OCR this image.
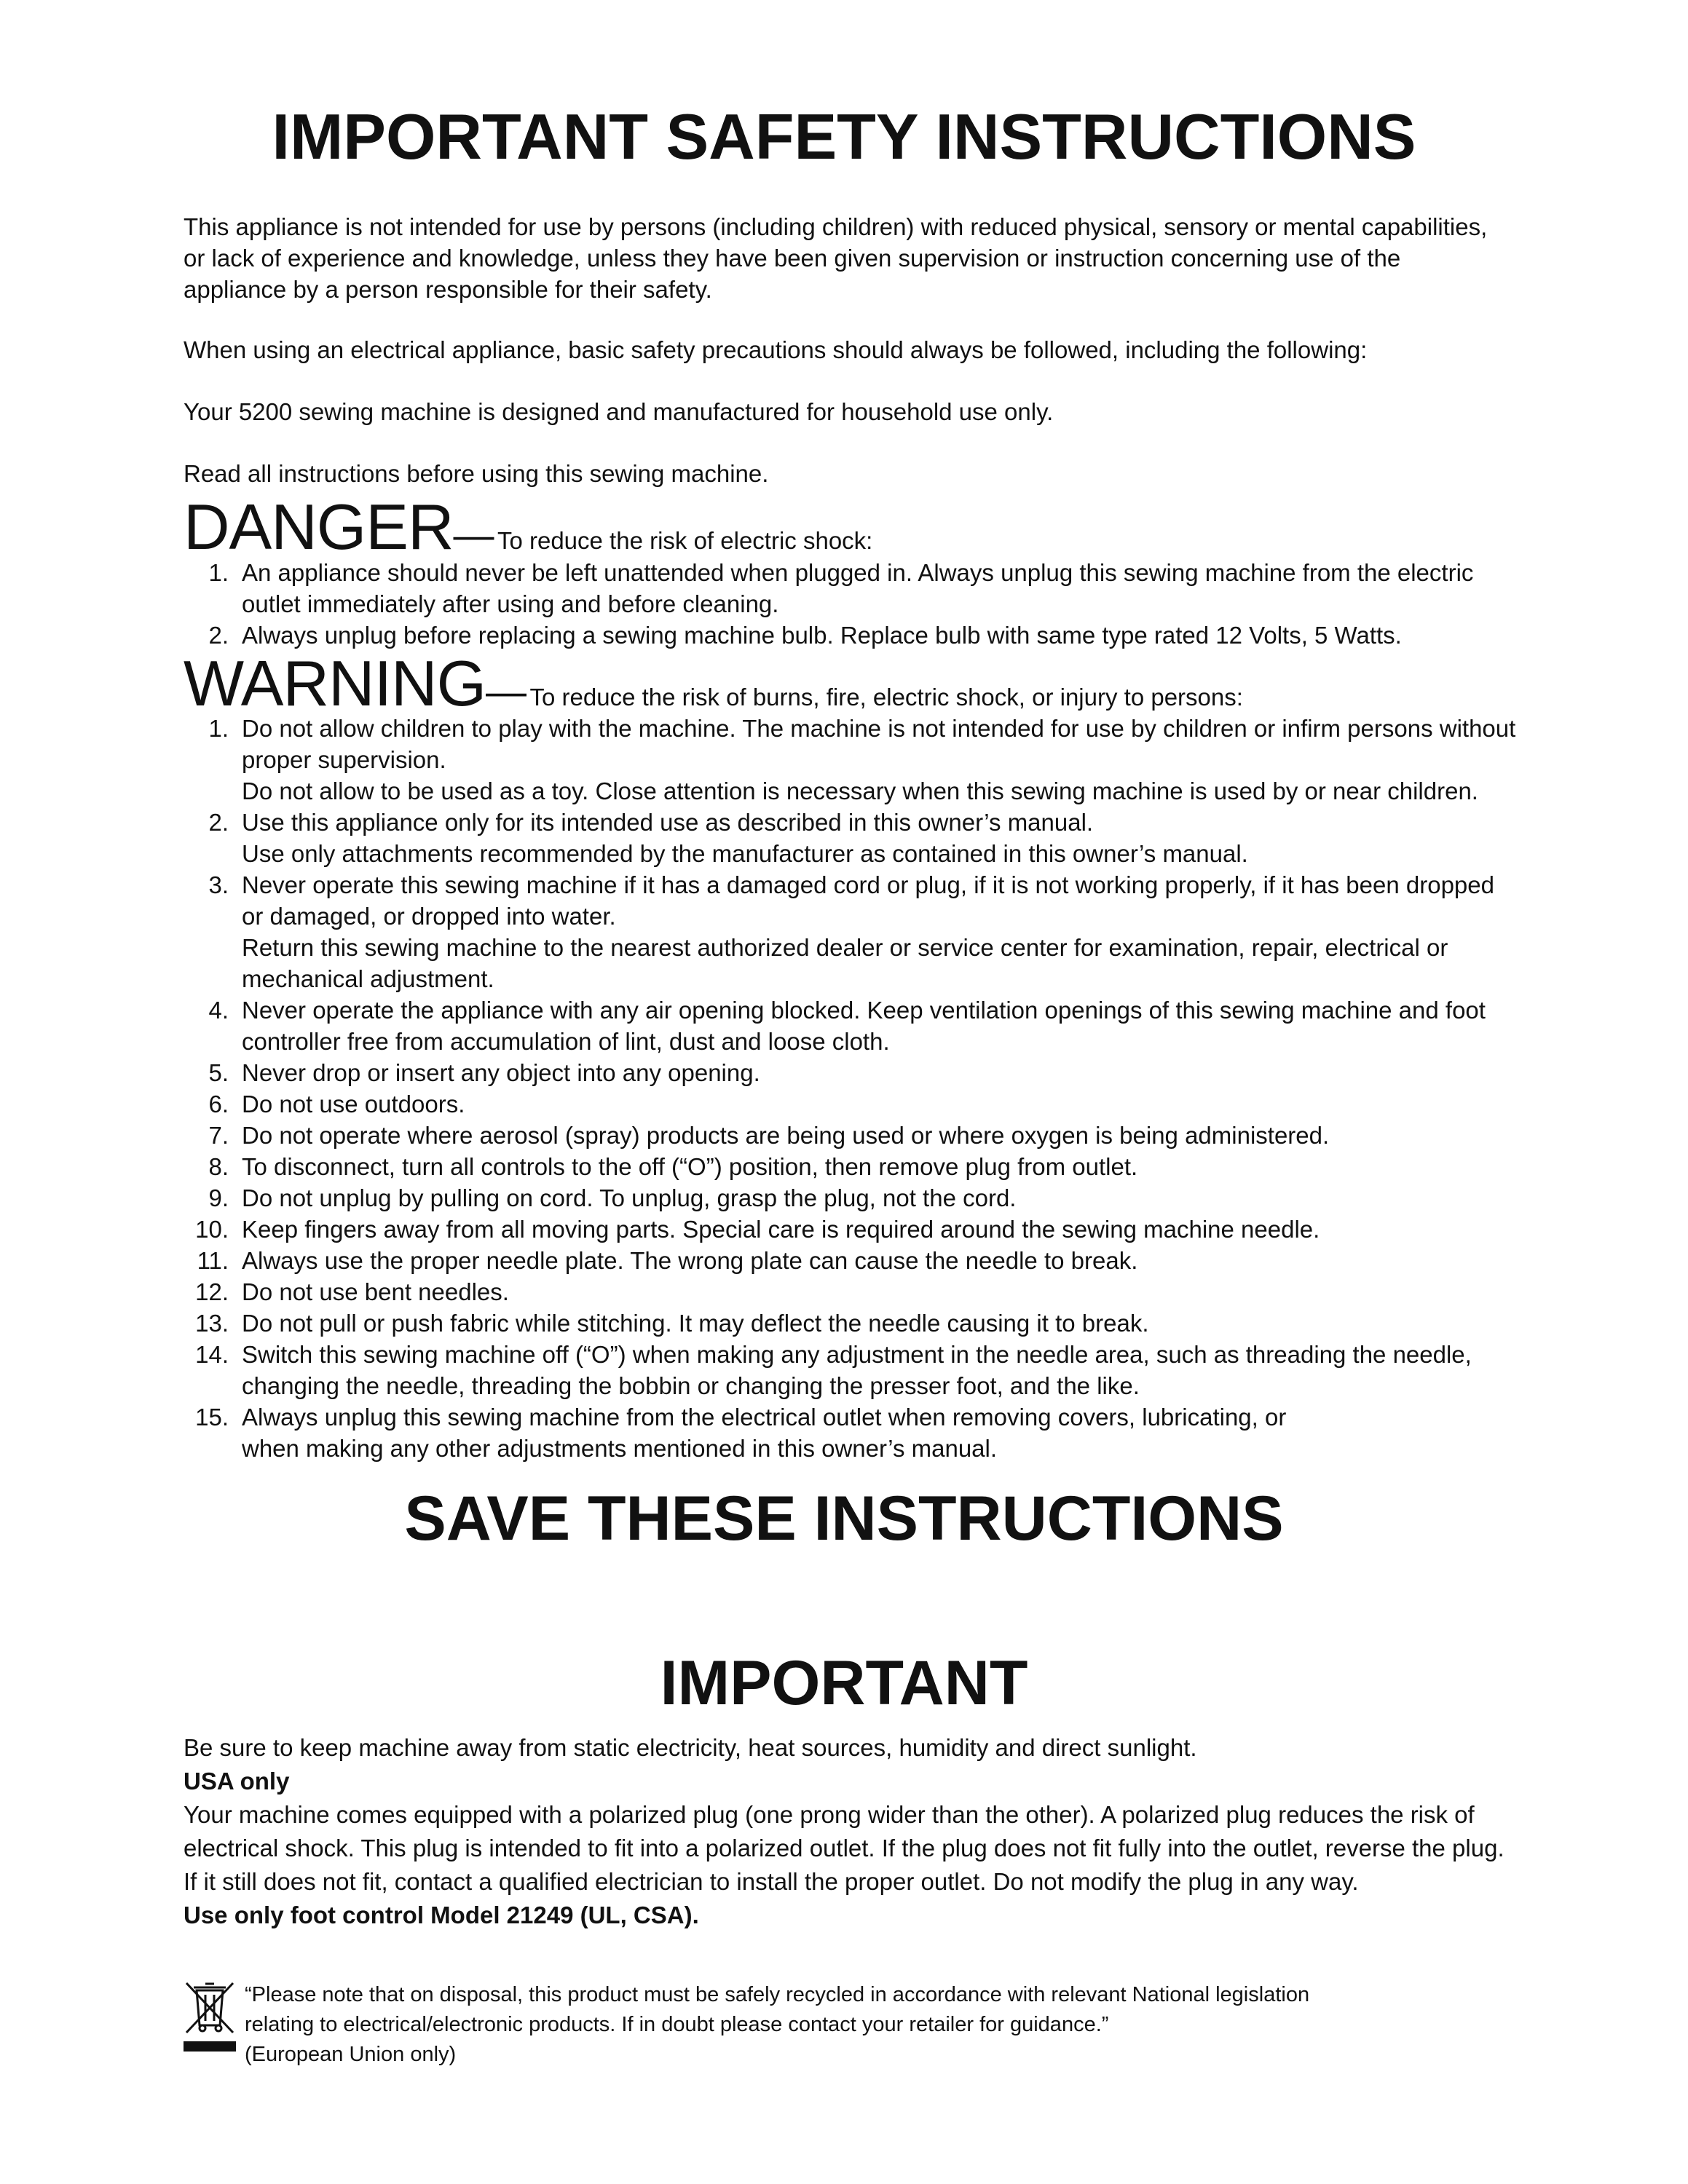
IMPORTANT SAFETY INSTRUCTIONS
This appliance is not intended for use by persons (including children) with reduced physical, sensory or mental capabilities, or lack of experience and knowledge, unless they have been given supervision or instruction concerning use of the appliance by a person responsible for their safety.
When using an electrical appliance, basic safety precautions should always be followed, including the following:
Your 5200 sewing machine is designed and manufactured for household use only.
Read all instructions before using this sewing machine.
DANGER— To reduce the risk of electric shock:
1. An appliance should never be left unattended when plugged in. Always unplug this sewing machine from the electric outlet immediately after using and before cleaning.
2. Always unplug before replacing a sewing machine bulb. Replace bulb with same type rated 12 Volts, 5 Watts.
WARNING— To reduce the risk of burns, fire, electric shock, or injury to persons:
1. Do not allow children to play with the machine. The machine is not intended for use by children or infirm persons without proper supervision.
Do not allow to be used as a toy. Close attention is necessary when this sewing machine is used by or near children.
2. Use this appliance only for its intended use as described in this owner’s manual.
Use only attachments recommended by the manufacturer as contained in this owner’s manual.
3. Never operate this sewing machine if it has a damaged cord or plug, if it is not working properly, if it has been dropped or damaged, or dropped into water.
Return this sewing machine to the nearest authorized dealer or service center for examination, repair, electrical or mechanical adjustment.
4. Never operate the appliance with any air opening blocked. Keep ventilation openings of this sewing machine and foot controller free from accumulation of lint, dust and loose cloth.
5. Never drop or insert any object into any opening.
6. Do not use outdoors.
7. Do not operate where aerosol (spray) products are being used or where oxygen is being administered.
8. To disconnect, turn all controls to the off (“O”) position, then remove plug from outlet.
9. Do not unplug by pulling on cord. To unplug, grasp the plug, not the cord.
10. Keep fingers away from all moving parts. Special care is required around the sewing machine needle.
11. Always use the proper needle plate. The wrong plate can cause the needle to break.
12. Do not use bent needles.
13. Do not pull or push fabric while stitching. It may deflect the needle causing it to break.
14. Switch this sewing machine off (“O”) when making any adjustment in the needle area, such as threading the needle, changing the needle, threading the bobbin or changing the presser foot, and the like.
15. Always unplug this sewing machine from the electrical outlet when removing covers, lubricating, or
when making any other adjustments mentioned in this owner’s manual.
SAVE THESE INSTRUCTIONS
IMPORTANT
Be sure to keep machine away from static electricity, heat sources, humidity and direct sunlight.
USA only
Your machine comes equipped with a polarized plug (one prong wider than the other). A polarized plug reduces the risk of electrical shock. This plug is intended to fit into a polarized outlet. If the plug does not fit fully into the outlet, reverse the plug. If it still does not fit, contact a qualified electrician to install the proper outlet. Do not modify the plug in any way.
Use only foot control Model 21249 (UL, CSA).
“Please note that on disposal, this product must be safely recycled in accordance with relevant National legislation
relating to electrical/electronic products. If in doubt please contact your retailer for guidance.”
(European Union only)
